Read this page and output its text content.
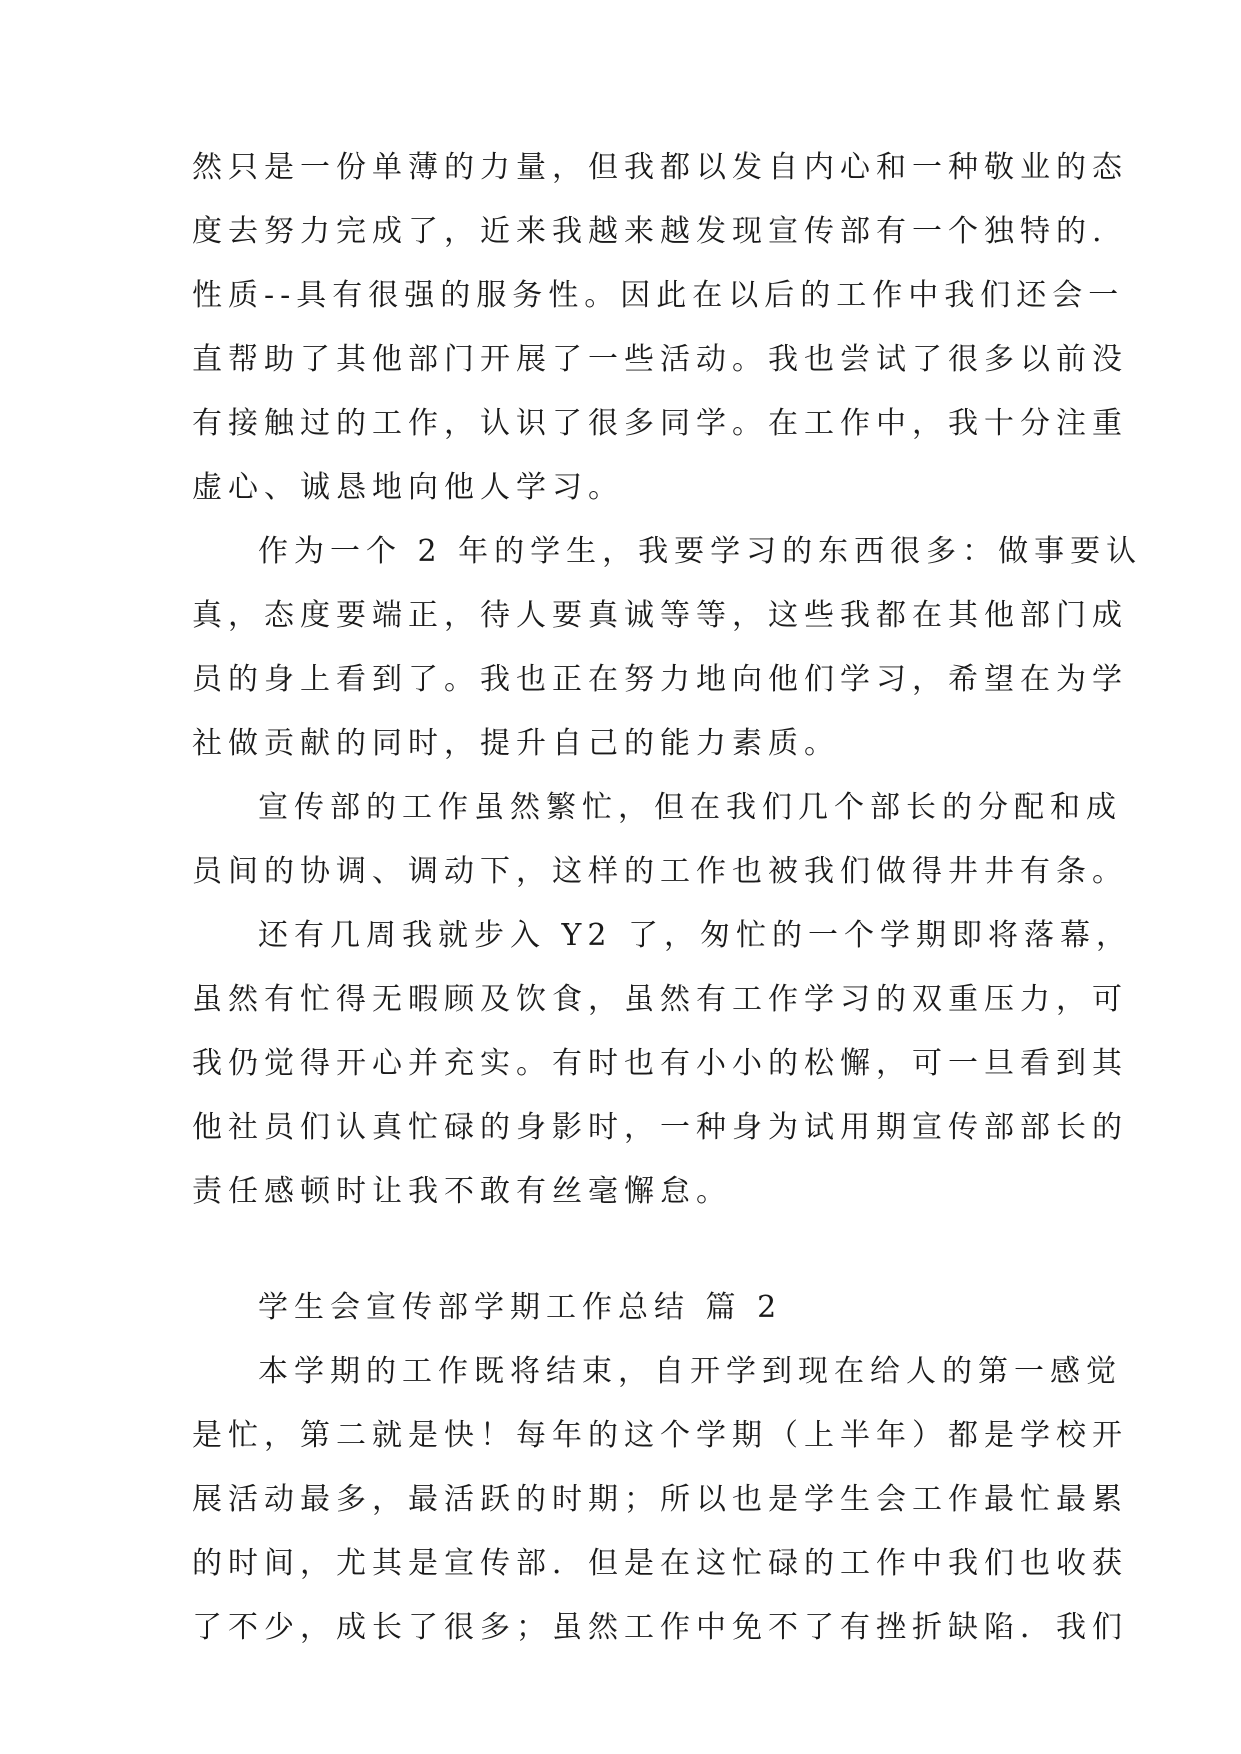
然只是一份单薄的力量，但我都以发自内心和一种敬业的态
度去努力完成了，近来我越来越发现宣传部有一个独特的.
性质--具有很强的服务性。因此在以后的工作中我们还会一
直帮助了其他部门开展了一些活动。我也尝试了很多以前没
有接触过的工作，认识了很多同学。在工作中，我十分注重
虚心、诚恳地向他人学习。
作为一个 2 年的学生，我要学习的东西很多：做事要认
真，态度要端正，待人要真诚等等，这些我都在其他部门成
员的身上看到了。我也正在努力地向他们学习，希望在为学
社做贡献的同时，提升自己的能力素质。
宣传部的工作虽然繁忙，但在我们几个部长的分配和成
员间的协调、调动下，这样的工作也被我们做得井井有条。
还有几周我就步入 Y2 了，匆忙的一个学期即将落幕，
虽然有忙得无暇顾及饮食，虽然有工作学习的双重压力，可
我仍觉得开心并充实。有时也有小小的松懈，可一旦看到其
他社员们认真忙碌的身影时，一种身为试用期宣传部部长的
责任感顿时让我不敢有丝毫懈怠。
学生会宣传部学期工作总结 篇 2
本学期的工作既将结束，自开学到现在给人的第一感觉
是忙，第二就是快！每年的这个学期（上半年）都是学校开
展活动最多，最活跃的时期；所以也是学生会工作最忙最累
的时间，尤其是宣传部．但是在这忙碌的工作中我们也收获
了不少，成长了很多；虽然工作中免不了有挫折缺陷．我们
